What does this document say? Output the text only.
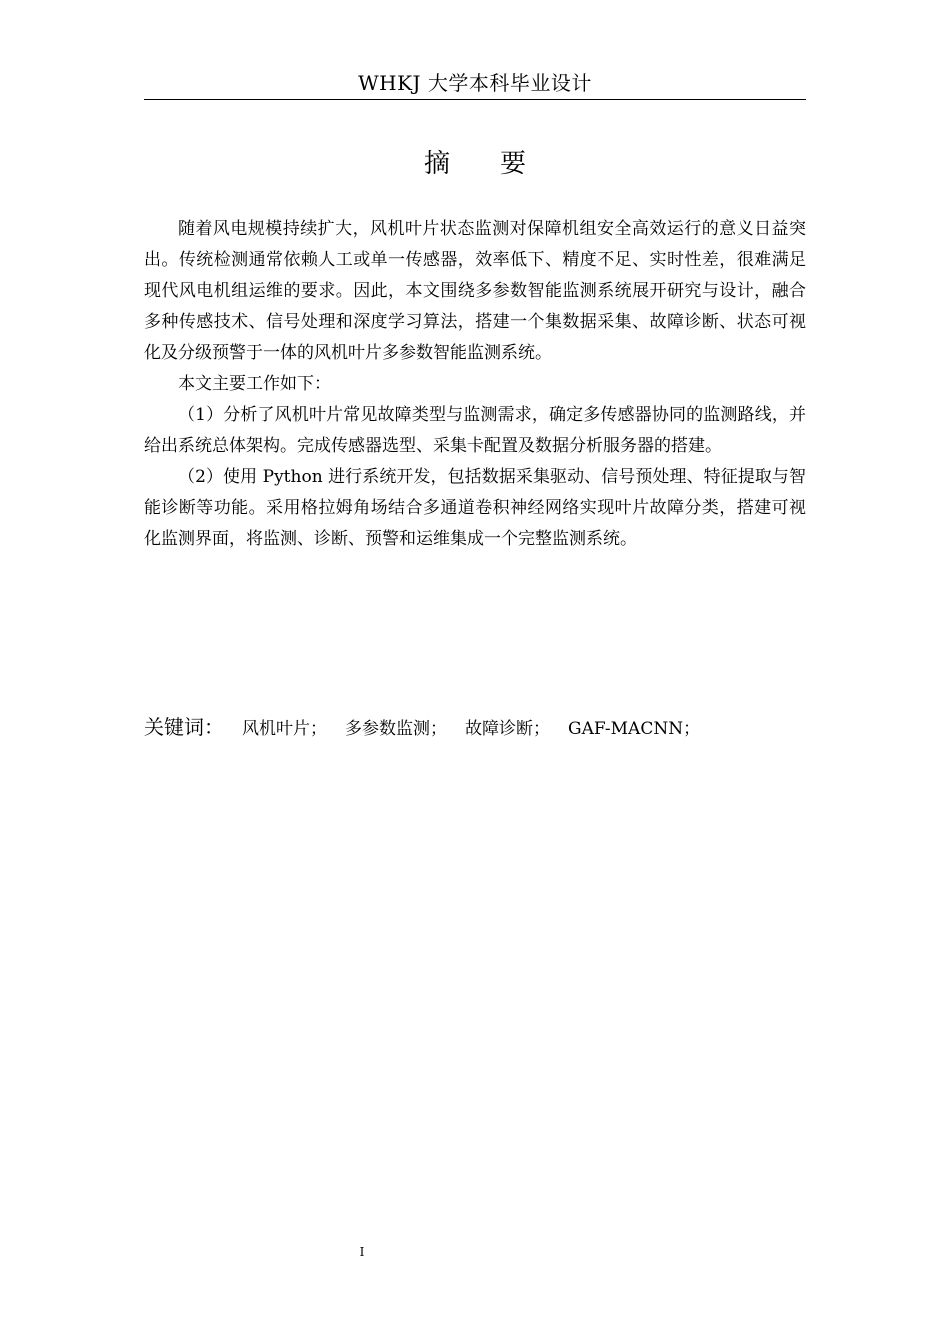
WHKJ 大学本科毕业设计
摘要

随着风电规模持续扩大，风机叶片状态监测对保障机组安全高效运行的意义日益突出。传统检测通常依赖人工或单一传感器，效率低下、精度不足、实时性差，很难满足现代风电机组运维的要求。因此，本文围绕多参数智能监测系统展开研究与设计，融合多种传感技术、信号处理和深度学习算法，搭建一个集数据采集、故障诊断、状态可视化及分级预警于一体的风机叶片多参数智能监测系统。

本文主要工作如下：

（1）分析了风机叶片常见故障类型与监测需求，确定多传感器协同的监测路线，并给出系统总体架构。完成传感器选型、采集卡配置及数据分析服务器的搭建。

（2）使用 Python 进行系统开发，包括数据采集驱动、信号预处理、特征提取与智能诊断等功能。采用格拉姆角场结合多通道卷积神经网络实现叶片故障分类，搭建可视化监测界面，将监测、诊断、预警和运维集成一个完整监测系统。

关键词： 风机叶片； 多参数监测； 故障诊断； GAF-MACNN；
I
